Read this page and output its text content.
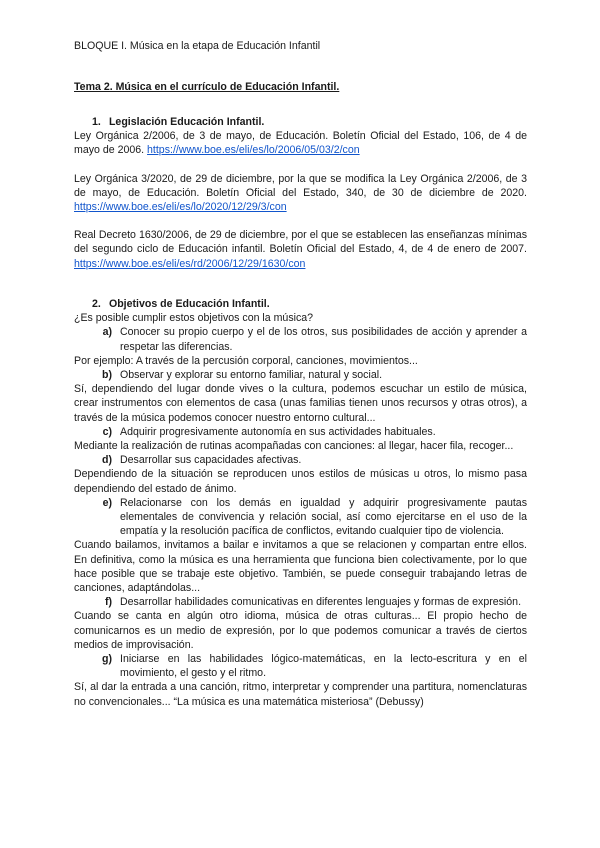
BLOQUE I. Música en la etapa de Educación Infantil
Tema 2. Música en el currículo de Educación Infantil.
1. Legislación Educación Infantil.

Ley Orgánica 2/2006, de 3 de mayo, de Educación. Boletín Oficial del Estado, 106, de 4 de mayo de 2006. https://www.boe.es/eli/es/lo/2006/05/03/2/con

Ley Orgánica 3/2020, de 29 de diciembre, por la que se modifica la Ley Orgánica 2/2006, de 3 de mayo, de Educación. Boletín Oficial del Estado, 340, de 30 de diciembre de 2020. https://www.boe.es/eli/es/lo/2020/12/29/3/con

Real Decreto 1630/2006, de 29 de diciembre, por el que se establecen las enseñanzas mínimas del segundo ciclo de Educación infantil. Boletín Oficial del Estado, 4, de 4 de enero de 2007. https://www.boe.es/eli/es/rd/2006/12/29/1630/con

2. Objetivos de Educación Infantil.

¿Es posible cumplir estos objetivos con la música?

a) Conocer su propio cuerpo y el de los otros, sus posibilidades de acción y aprender a respetar las diferencias.

Por ejemplo: A través de la percusión corporal, canciones, movimientos...

b) Observar y explorar su entorno familiar, natural y social.

Sí, dependiendo del lugar donde vives o la cultura, podemos escuchar un estilo de música, crear instrumentos con elementos de casa (unas familias tienen unos recursos y otras otros), a través de la música podemos conocer nuestro entorno cultural...

c) Adquirir progresivamente autonomía en sus actividades habituales.

Mediante la realización de rutinas acompañadas con canciones: al llegar, hacer fila, recoger...

d) Desarrollar sus capacidades afectivas.

Dependiendo de la situación se reproducen unos estilos de músicas u otros, lo mismo pasa dependiendo del estado de ánimo.

e) Relacionarse con los demás en igualdad y adquirir progresivamente pautas elementales de convivencia y relación social, así como ejercitarse en el uso de la empatía y la resolución pacífica de conflictos, evitando cualquier tipo de violencia.

Cuando bailamos, invitamos a bailar e invitamos a que se relacionen y compartan entre ellos. En definitiva, como la música es una herramienta que funciona bien colectivamente, por lo que hace posible que se trabaje este objetivo. También, se puede conseguir trabajando letras de canciones, adaptándolas...

f) Desarrollar habilidades comunicativas en diferentes lenguajes y formas de expresión.

Cuando se canta en algún otro idioma, música de otras culturas... El propio hecho de comunicarnos es un medio de expresión, por lo que podemos comunicar a través de ciertos medios de improvisación.

g) Iniciarse en las habilidades lógico-matemáticas, en la lecto-escritura y en el movimiento, el gesto y el ritmo.

Sí, al dar la entrada a una canción, ritmo, interpretar y comprender una partitura, nomenclaturas no convencionales... “La música es una matemática misteriosa” (Debussy)
